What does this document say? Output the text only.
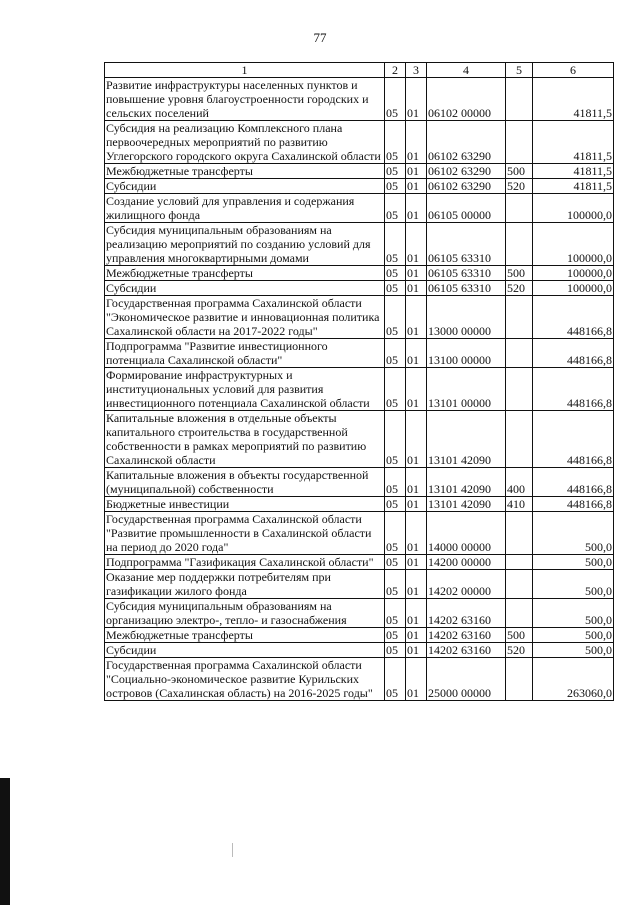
77
1	2	3	4	5	6
Развитие инфраструктуры населенных пунктов и повышение уровня благоустроенности городских и сельских поселений	05	01	06102 00000		41811,5
Субсидия на реализацию Комплексного плана первоочередных мероприятий по развитию Углегорского городского округа Сахалинской области	05	01	06102 63290		41811,5
Межбюджетные трансферты	05	01	06102 63290	500	41811,5
Субсидии	05	01	06102 63290	520	41811,5
Создание условий для управления и содержания жилищного фонда	05	01	06105 00000		100000,0
Субсидия муниципальным образованиям на реализацию мероприятий по созданию условий для управления многоквартирными домами	05	01	06105 63310		100000,0
Межбюджетные трансферты	05	01	06105 63310	500	100000,0
Субсидии	05	01	06105 63310	520	100000,0
Государственная программа Сахалинской области "Экономическое развитие и инновационная политика Сахалинской области на 2017-2022 годы"	05	01	13000 00000		448166,8
Подпрограмма "Развитие инвестиционного потенциала Сахалинской области"	05	01	13100 00000		448166,8
Формирование инфраструктурных и институциональных условий для развития инвестиционного потенциала Сахалинской области	05	01	13101 00000		448166,8
Капитальные вложения в отдельные объекты капитального строительства в государственной собственности в рамках мероприятий по развитию Сахалинской области	05	01	13101 42090		448166,8
Капитальные вложения в объекты государственной (муниципальной) собственности	05	01	13101 42090	400	448166,8
Бюджетные инвестиции	05	01	13101 42090	410	448166,8
Государственная программа Сахалинской области "Развитие промышленности в Сахалинской области на период до 2020 года"	05	01	14000 00000		500,0
Подпрограмма "Газификация Сахалинской области"	05	01	14200 00000		500,0
Оказание мер поддержки потребителям при газификации жилого фонда	05	01	14202 00000		500,0
Субсидия муниципальным образованиям на организацию электро-, тепло- и газоснабжения	05	01	14202 63160		500,0
Межбюджетные трансферты	05	01	14202 63160	500	500,0
Субсидии	05	01	14202 63160	520	500,0
Государственная программа Сахалинской области "Социально-экономическое развитие Курильских островов (Сахалинская область) на 2016-2025 годы"	05	01	25000 00000		263060,0
